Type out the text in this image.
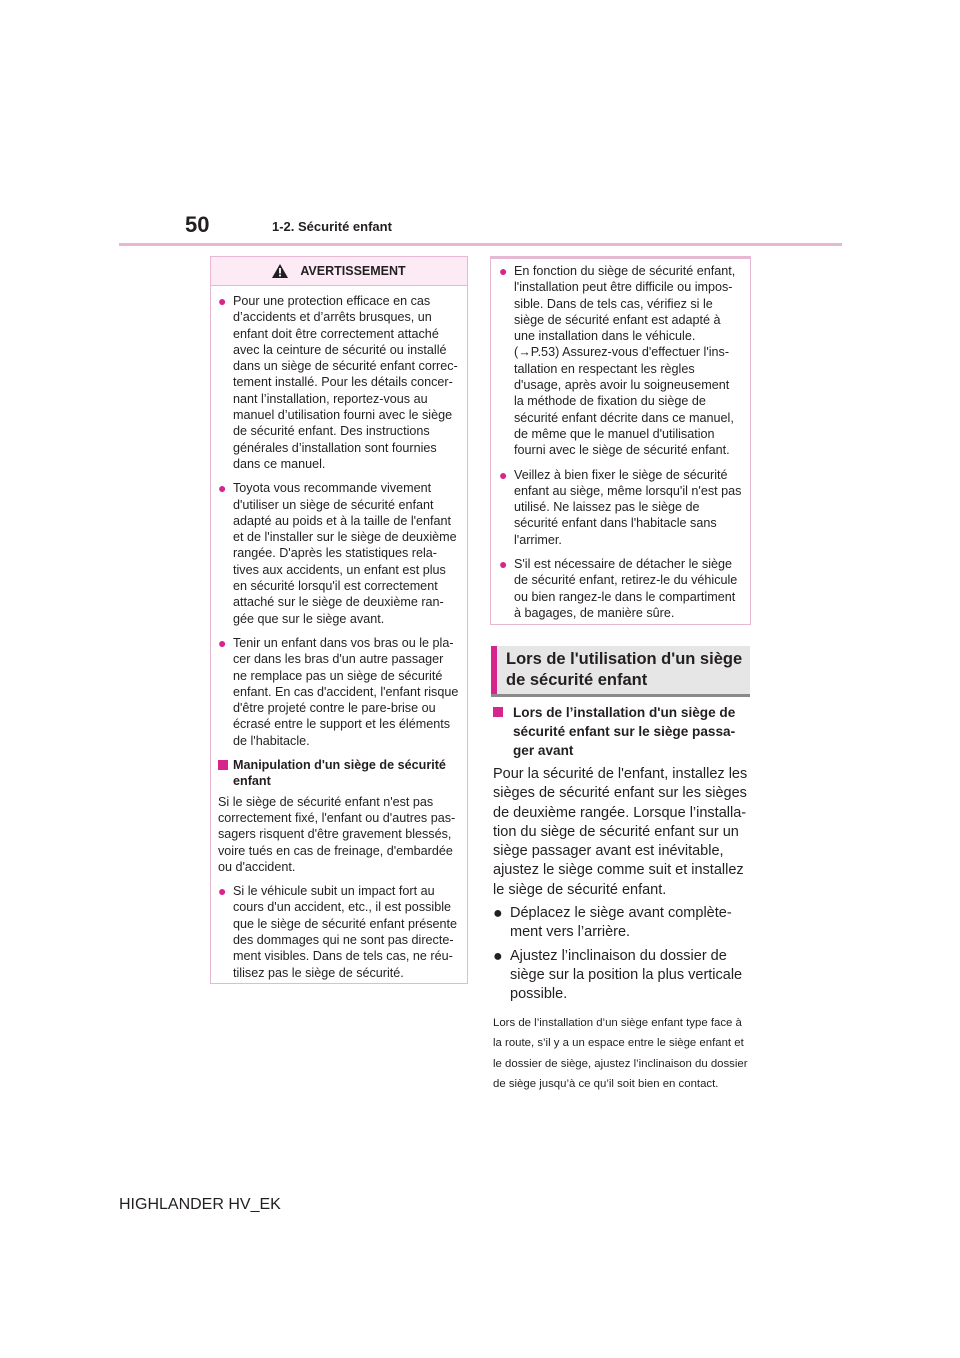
50	1-2. Sécurité enfant
AVERTISSEMENT
● Pour une protection efficace en cas d’accidents et d’arrêts brusques, un enfant doit être correctement attaché avec la ceinture de sécurité ou installé dans un siège de sécurité enfant correc-tement installé. Pour les détails concer-nant l’installation, reportez-vous au manuel d’utilisation fourni avec le siège de sécurité enfant. Des instructions générales d’installation sont fournies dans ce manuel.
● Toyota vous recommande vivement d'utiliser un siège de sécurité enfant adapté au poids et à la taille de l'enfant et de l'installer sur le siège de deuxième rangée. D'après les statistiques rela-tives aux accidents, un enfant est plus en sécurité lorsqu'il est correctement attaché sur le siège de deuxième ran-gée que sur le siège avant.
● Tenir un enfant dans vos bras ou le pla-cer dans les bras d'un autre passager ne remplace pas un siège de sécurité enfant. En cas d'accident, l'enfant risque d'être projeté contre le pare-brise ou écrasé entre le support et les éléments de l'habitacle.
Manipulation d'un siège de sécurité enfant
Si le siège de sécurité enfant n'est pas correctement fixé, l'enfant ou d'autres pas-sagers risquent d'être gravement blessés, voire tués en cas de freinage, d'embardée ou d'accident.
● Si le véhicule subit un impact fort au cours d'un accident, etc., il est possible que le siège de sécurité enfant présente des dommages qui ne sont pas directe-ment visibles. Dans de tels cas, ne réu-tilisez pas le siège de sécurité.
● En fonction du siège de sécurité enfant, l'installation peut être difficile ou impos-sible. Dans de tels cas, vérifiez si le siège de sécurité enfant est adapté à une installation dans le véhicule. (→P.53) Assurez-vous d'effectuer l'ins-tallation en respectant les règles d'usage, après avoir lu soigneusement la méthode de fixation du siège de sécurité enfant décrite dans ce manuel, de même que le manuel d'utilisation fourni avec le siège de sécurité enfant.
● Veillez à bien fixer le siège de sécurité enfant au siège, même lorsqu'il n'est pas utilisé. Ne laissez pas le siège de sécurité enfant dans l'habitacle sans l'arrimer.
● S'il est nécessaire de détacher le siège de sécurité enfant, retirez-le du véhicule ou bien rangez-le dans le compartiment à bagages, de manière sûre.
Lors de l'utilisation d'un siège de sécurité enfant
Lors de l’installation d'un siège de sécurité enfant sur le siège passa-ger avant
Pour la sécurité de l'enfant, installez les sièges de sécurité enfant sur les sièges de deuxième rangée. Lorsque l’installa-tion du siège de sécurité enfant sur un siège passager avant est inévitable, ajustez le siège comme suit et installez le siège de sécurité enfant.
● Déplacez le siège avant complète-ment vers l’arrière.
● Ajustez l’inclinaison du dossier de siège sur la position la plus verticale possible.
Lors de l’installation d’un siège enfant type face à la route, s’il y a un espace entre le siège enfant et le dossier de siège, ajustez l’inclinaison du dossier de siège jusqu’à ce qu’il soit bien en contact.
HIGHLANDER HV_EK
